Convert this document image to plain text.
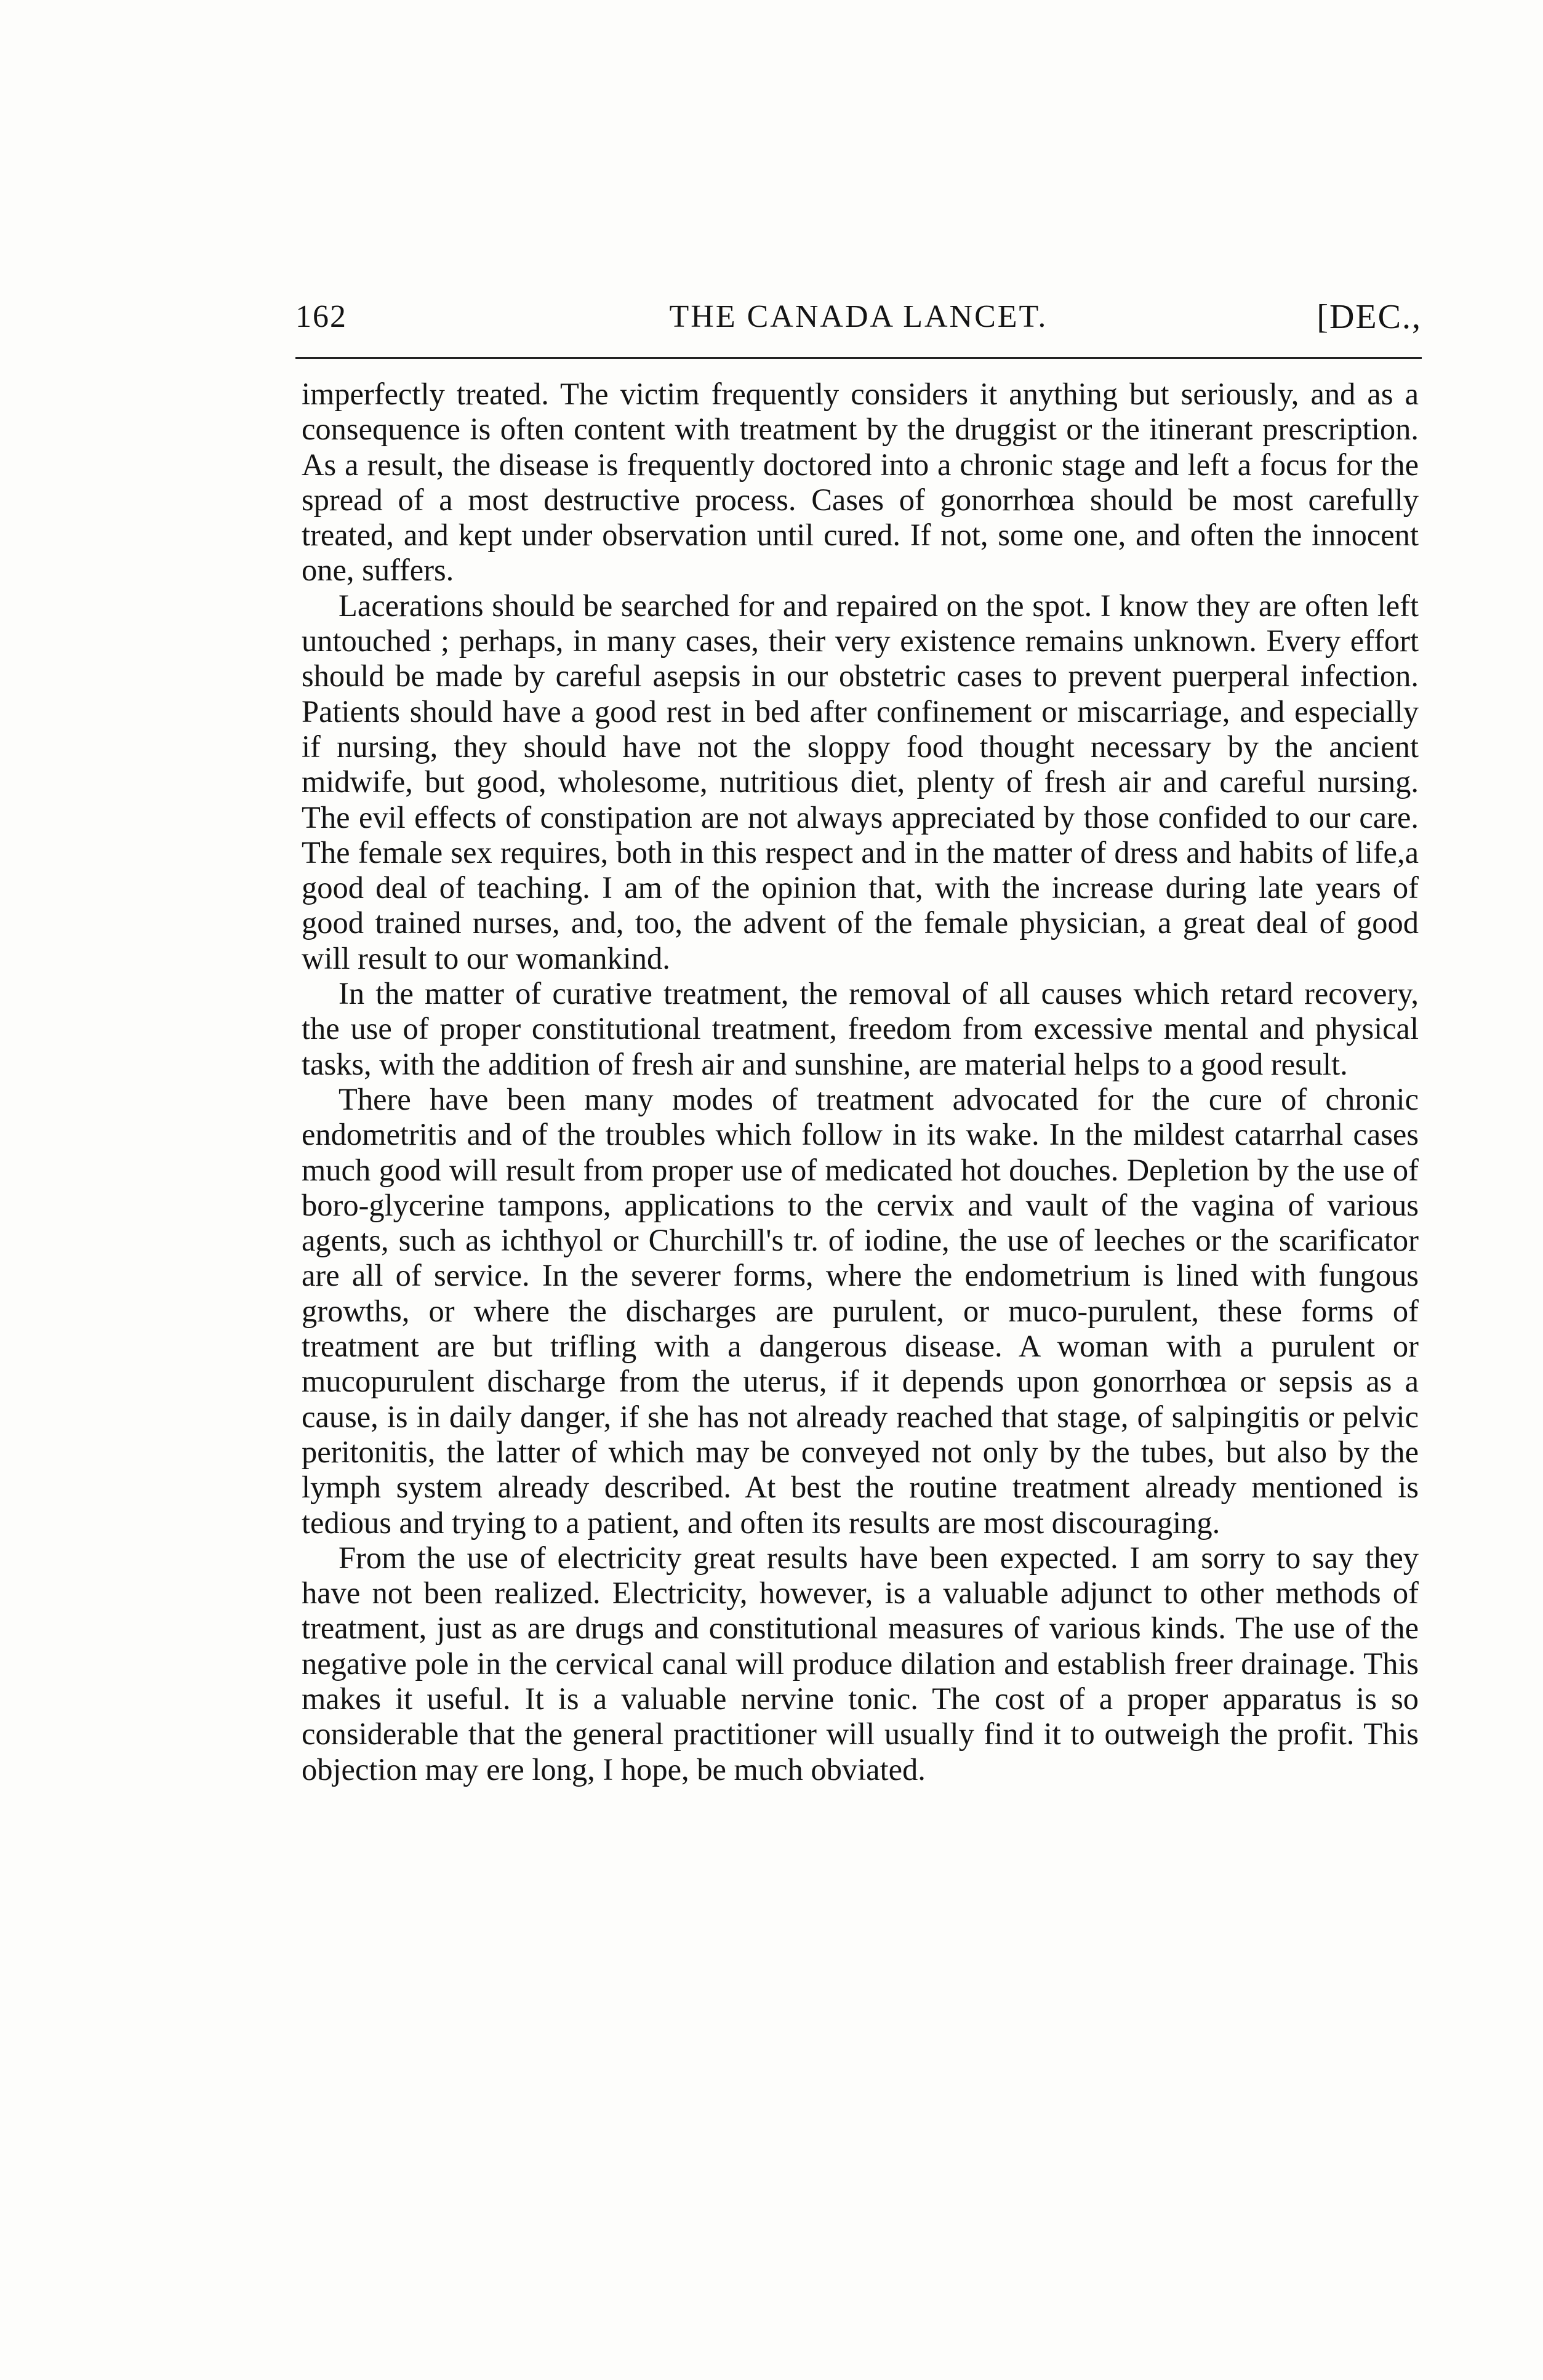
162	THE CANADA LANCET.	[DEC.,

imperfectly treated. The victim frequently considers it anything but seriously, and as a consequence is often content with treatment by the druggist or the itinerant prescription. As a result, the disease is frequently doctored into a chronic stage and left a focus for the spread of a most destructive process. Cases of gonorrhœa should be most carefully treated, and kept under observation until cured. If not, some one, and often the innocent one, suffers.

Lacerations should be searched for and repaired on the spot. I know they are often left untouched ; perhaps, in many cases, their very existence remains unknown. Every effort should be made by careful asepsis in our obstetric cases to prevent puerperal infection. Patients should have a good rest in bed after confinement or miscarriage, and especially if nursing, they should have not the sloppy food thought necessary by the ancient midwife, but good, wholesome, nutritious diet, plenty of fresh air and careful nursing. The evil effects of constipation are not always appreciated by those confided to our care. The female sex requires, both in this respect and in the matter of dress and habits of life,a good deal of teaching. I am of the opinion that, with the increase during late years of good trained nurses, and, too, the advent of the female physician, a great deal of good will result to our womankind.

In the matter of curative treatment, the removal of all causes which retard recovery, the use of proper constitutional treatment, freedom from excessive mental and physical tasks, with the addition of fresh air and sunshine, are material helps to a good result.

There have been many modes of treatment advocated for the cure of chronic endometritis and of the troubles which follow in its wake. In the mildest catarrhal cases much good will result from proper use of medicated hot douches. Depletion by the use of boro-glycerine tampons, applications to the cervix and vault of the vagina of various agents, such as ichthyol or Churchill's tr. of iodine, the use of leeches or the scarificator are all of service. In the severer forms, where the endometrium is lined with fungous growths, or where the discharges are purulent, or muco-purulent, these forms of treatment are but trifling with a dangerous disease. A woman with a purulent or mucopurulent discharge from the uterus, if it depends upon gonorrhœa or sepsis as a cause, is in daily danger, if she has not already reached that stage, of salpingitis or pelvic peritonitis, the latter of which may be conveyed not only by the tubes, but also by the lymph system already described. At best the routine treatment already mentioned is tedious and trying to a patient, and often its results are most discouraging.

From the use of electricity great results have been expected. I am sorry to say they have not been realized. Electricity, however, is a valuable adjunct to other methods of treatment, just as are drugs and constitutional measures of various kinds. The use of the negative pole in the cervical canal will produce dilation and establish freer drainage. This makes it useful. It is a valuable nervine tonic. The cost of a proper apparatus is so considerable that the general practitioner will usually find it to outweigh the profit. This objection may ere long, I hope, be much obviated.
